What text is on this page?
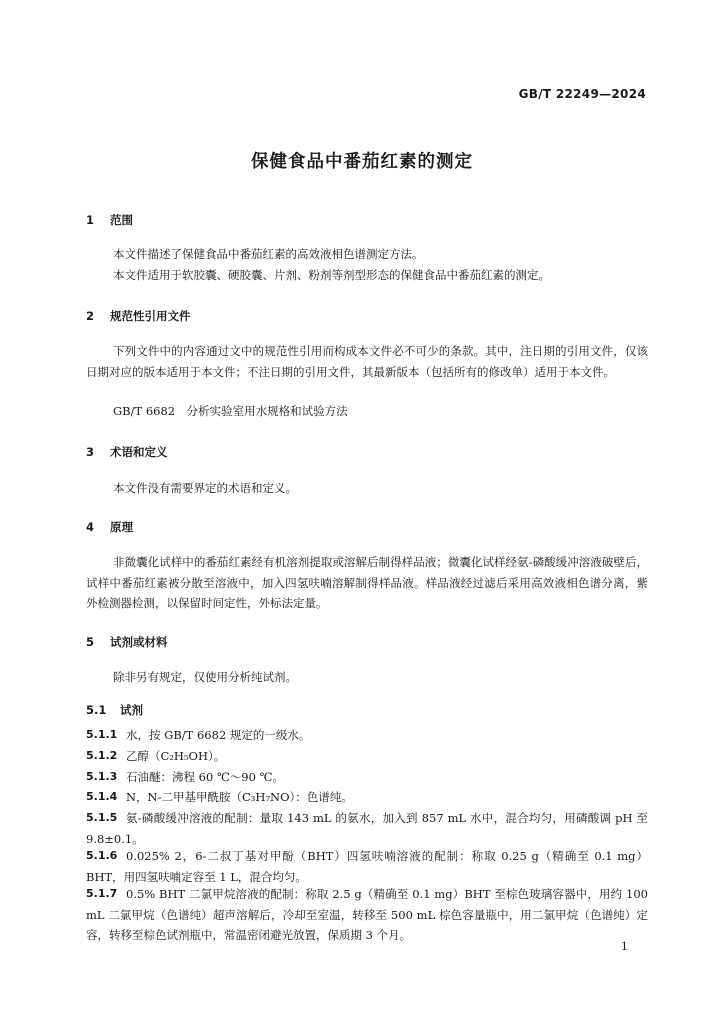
GB/T 22249—2024
保健食品中番茄红素的测定
1 范围

本文件描述了保健食品中番茄红素的高效液相色谱测定方法。

本文件适用于软胶囊、硬胶囊、片剂、粉剂等剂型形态的保健食品中番茄红素的测定。

2 规范性引用文件

下列文件中的内容通过文中的规范性引用而构成本文件必不可少的条款。其中，注日期的引用文件，仅该日期对应的版本适用于本文件；不注日期的引用文件，其最新版本（包括所有的修改单）适用于本文件。

GB/T 6682　分析实验室用水规格和试验方法

3 术语和定义

本文件没有需要界定的术语和定义。

4 原理

非微囊化试样中的番茄红素经有机溶剂提取或溶解后制得样品液；微囊化试样经氨-磷酸缓冲溶液破壁后，试样中番茄红素被分散至溶液中，加入四氢呋喃溶解制得样品液。样品液经过滤后采用高效液相色谱分离，紫外检测器检测，以保留时间定性，外标法定量。

5 试剂或材料

除非另有规定，仅使用分析纯试剂。

5.1 试剂
5.1.1 水，按 GB/T 6682 规定的一级水。
5.1.2 乙醇（C₂H₅OH）。
5.1.3 石油醚：沸程 60 ℃～90 ℃。
5.1.4 N，N-二甲基甲酰胺（C₃H₇NO）：色谱纯。
5.1.5 氨-磷酸缓冲溶液的配制：量取 143 mL 的氨水，加入到 857 mL 水中，混合均匀，用磷酸调 pH 至 9.8±0.1。
5.1.6 0.025% 2，6-二叔丁基对甲酚（BHT）四氢呋喃溶液的配制：称取 0.25 g（精确至 0.1 mg）BHT，用四氢呋喃定容至 1 L，混合均匀。
5.1.7 0.5% BHT 二氯甲烷溶液的配制：称取 2.5 g（精确至 0.1 mg）BHT 至棕色玻璃容器中，用约 100 mL 二氯甲烷（色谱纯）超声溶解后，冷却至室温，转移至 500 mL 棕色容量瓶中，用二氯甲烷（色谱纯）定容，转移至棕色试剂瓶中，常温密闭避光放置，保质期 3 个月。
1
